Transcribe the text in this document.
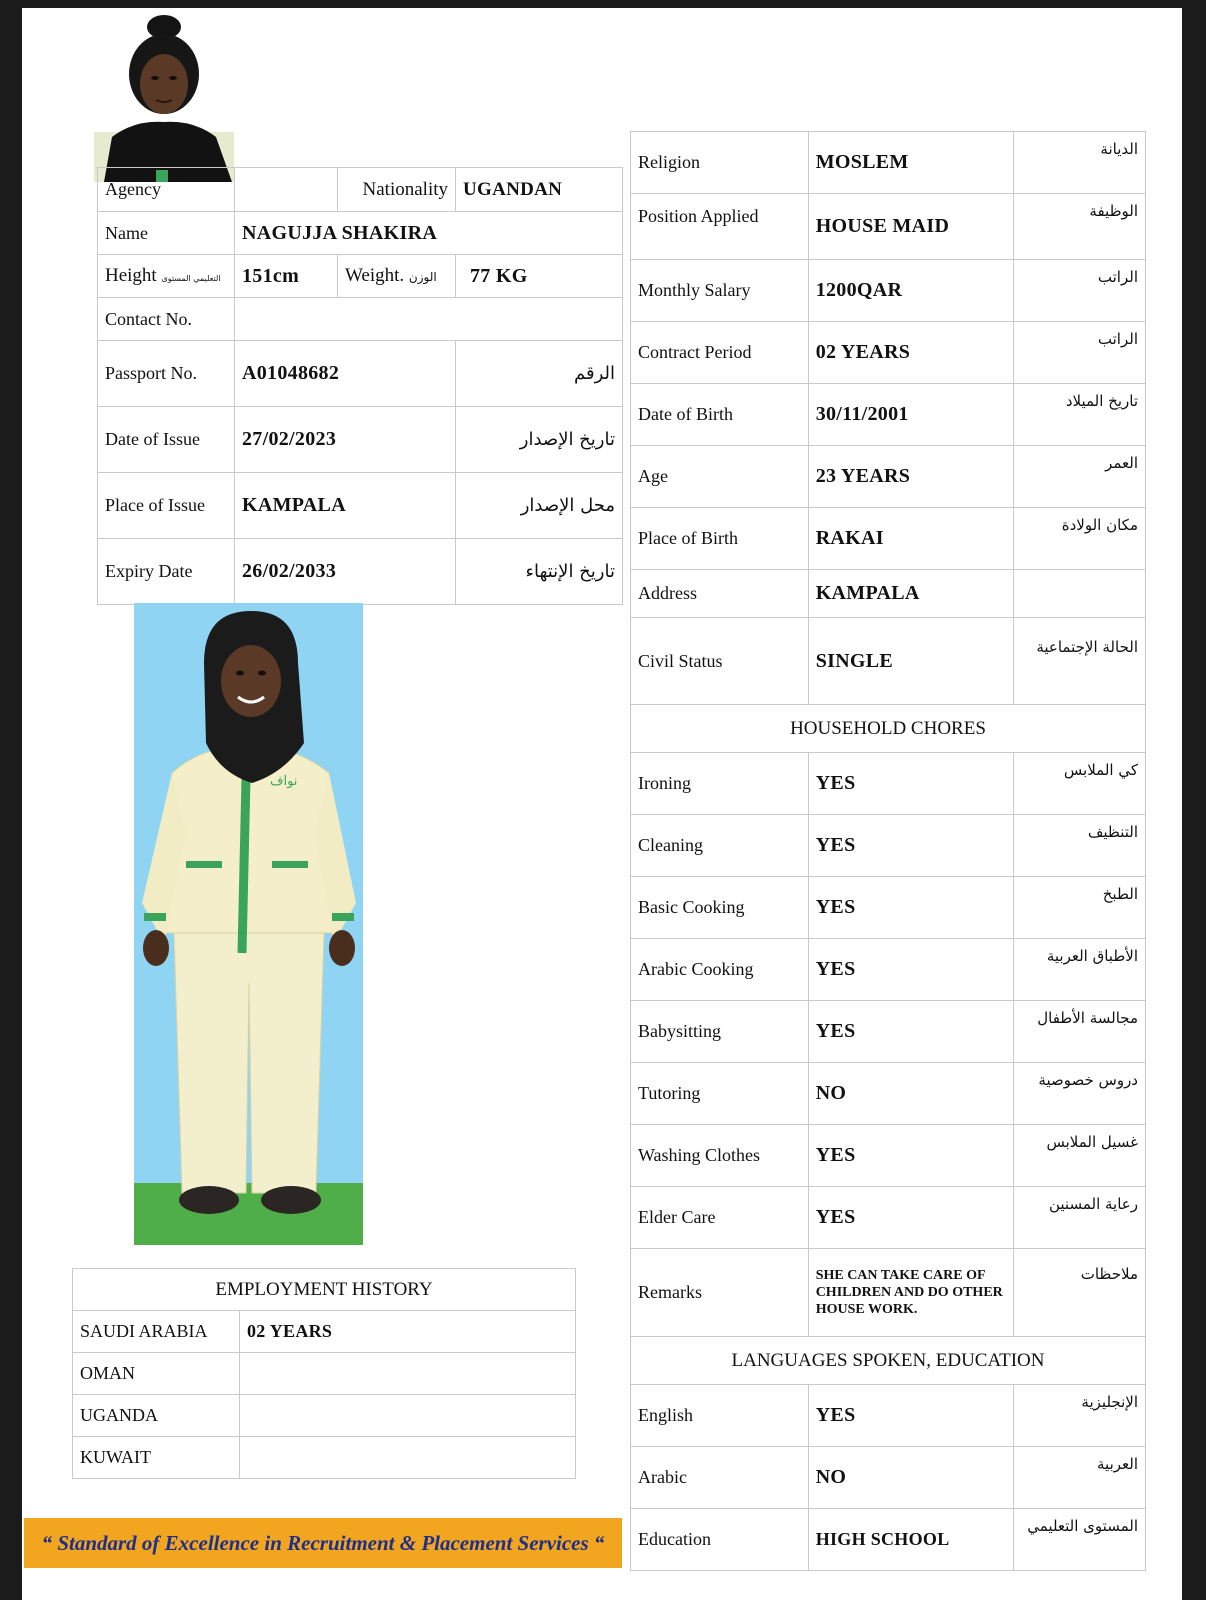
Agency		Nationality	UGANDAN
Name	NAGUJJA SHAKIRA		
Height التعليمي المستوى	151cm	Weight. الوزن	77 KG
Contact No.			
Passport No.	A01048682		الرقم
Date of Issue	27/02/2023		تاريخ الإصدار
Place of Issue	KAMPALA		محل الإصدار
Expiry Date	26/02/2033		تاريخ الإنتهاء
نواف
EMPLOYMENT HISTORY	
SAUDI ARABIA	02 YEARS
OMAN	
UGANDA	
KUWAIT	
“ Standard of Excellence in Recruitment & Placement Services “
Religion	MOSLEM	الديانة
Position Applied	HOUSE MAID	الوظيفة
Monthly Salary	1200QAR	الراتب
Contract Period	02 YEARS	الراتب
Date of Birth	30/11/2001	تاريخ الميلاد
Age	23 YEARS	العمر
Place of Birth	RAKAI	مكان الولادة
Address	KAMPALA	
Civil Status	SINGLE	الحالة الإجتماعية
HOUSEHOLD CHORES		
Ironing	YES	كي الملابس
Cleaning	YES	التنظيف
Basic Cooking	YES	الطبخ
Arabic Cooking	YES	الأطباق العربية
Babysitting	YES	مجالسة الأطفال
Tutoring	NO	دروس خصوصية
Washing Clothes	YES	غسيل الملابس
Elder Care	YES	رعاية المسنين
Remarks	SHE CAN TAKE CARE OF CHILDREN AND DO OTHER HOUSE WORK.	ملاحظات
LANGUAGES SPOKEN, EDUCATION		
English	YES	الإنجليزية
Arabic	NO	العربية
Education	HIGH SCHOOL	المستوى التعليمي
